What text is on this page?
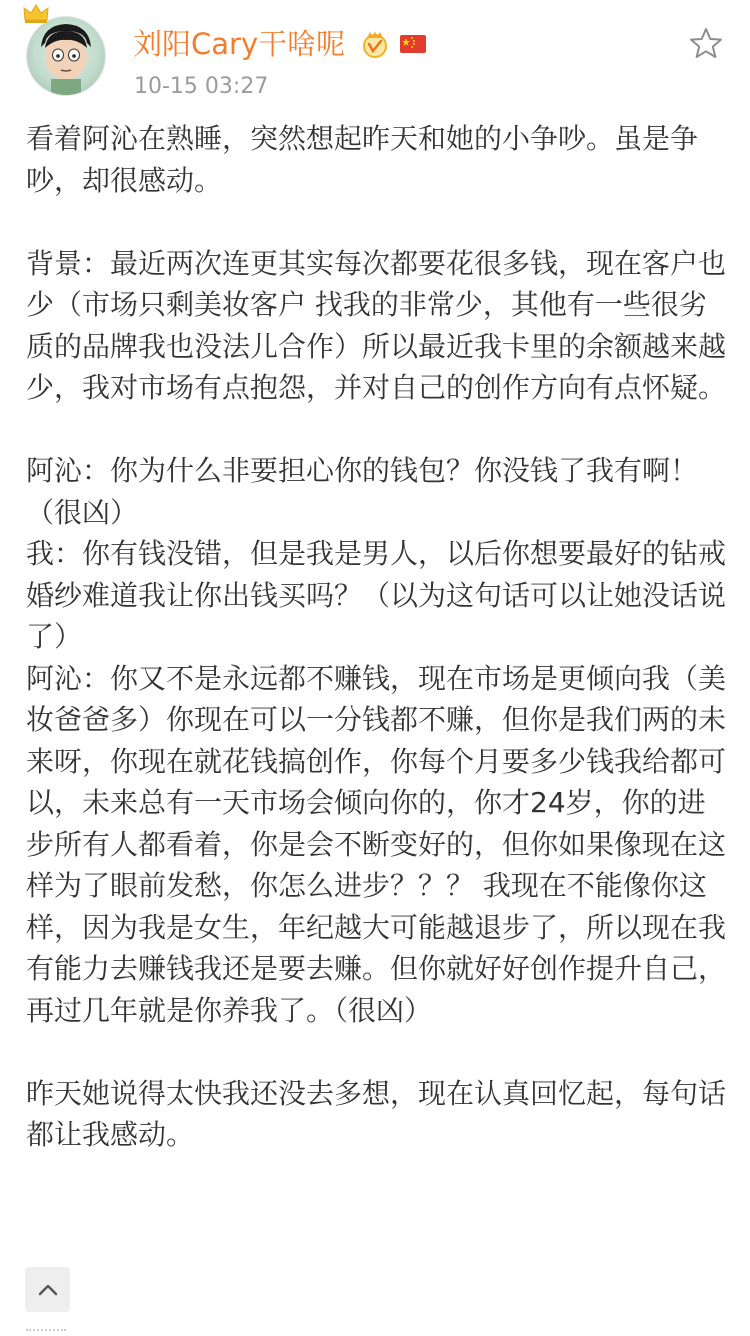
刘阳Cary干啥呢
10-15 03:27

看着阿沁在熟睡，突然想起昨天和她的小争吵。虽是争吵，却很感动。

背景：最近两次连更其实每次都要花很多钱，现在客户也少（市场只剩美妆客户 找我的非常少，其他有一些很劣质的品牌我也没法儿合作）所以最近我卡里的余额越来越少，我对市场有点抱怨，并对自己的创作方向有点怀疑。

阿沁：你为什么非要担心你的钱包？你没钱了我有啊！（很凶）

我：你有钱没错，但是我是男人，以后你想要最好的钻戒婚纱难道我让你出钱买吗？（以为这句话可以让她没话说了）

阿沁：你又不是永远都不赚钱，现在市场是更倾向我（美妆爸爸多）你现在可以一分钱都不赚，但你是我们两的未来呀，你现在就花钱搞创作，你每个月要多少钱我给都可以，未来总有一天市场会倾向你的，你才24岁，你的进步所有人都看着，你是会不断变好的，但你如果像现在这样为了眼前发愁，你怎么进步？？？ 我现在不能像你这样，因为我是女生，年纪越大可能越退步了，所以现在我有能力去赚钱我还是要去赚。但你就好好创作提升自己，再过几年就是你养我了。（很凶）

昨天她说得太快我还没去多想，现在认真回忆起，每句话都让我感动。
